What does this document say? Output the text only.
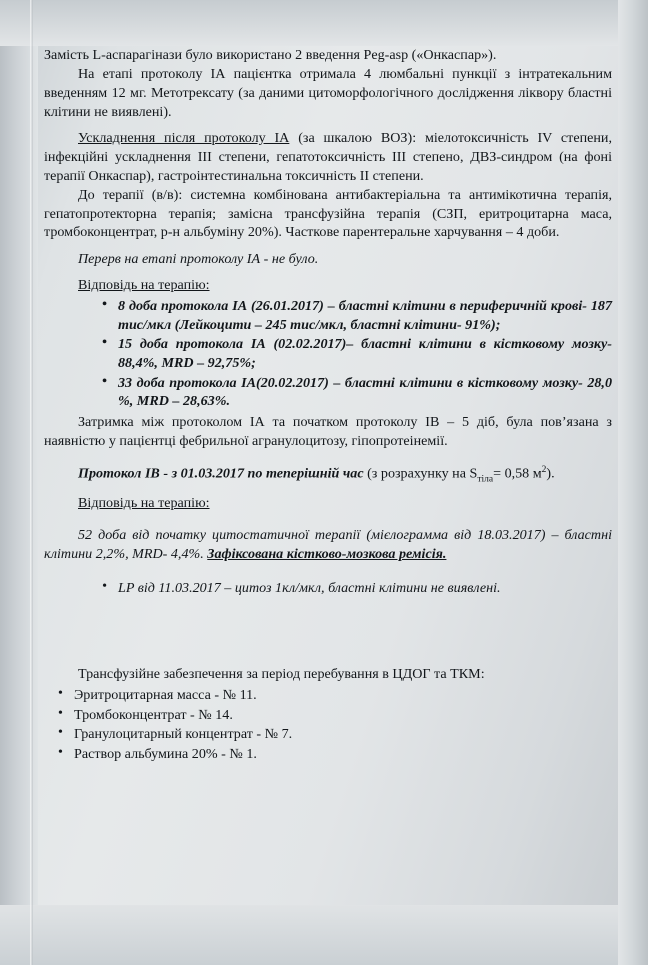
Замість L-аспарагінази було використано 2 введення Peg-asp («Онкаспар»).

На етапі протоколу ІА пацієнтка отримала 4 люмбальні пункції з інтратекальним введенням 12 мг. Метотрексату (за даними цитоморфологічного дослідження ліквору бластні клітини не виявлені).

Ускладнення після протоколу ІА (за шкалою ВОЗ): міелотоксичність IV степени, інфекційні ускладнення III степени, гепатотоксичність III степено, ДВЗ-синдром (на фоні терапії Онкаспар), гастроінтестинальна токсичність ІІ степени.

До терапії (в/в): системна комбінована антибактеріальна та антимікотична терапія, гепатопротекторна терапія; замісна трансфузійна терапія (СЗП, еритроцитарна маса, тромбоконцентрат, р-н альбуміну 20%). Часткове парентеральне харчування – 4 доби.

Перерв на етапі протоколу ІА - не було.

Відповідь на терапію:

• 8 доба протокола ІА (26.01.2017) – бластні клітини в периферичній крові- 187 тис/мкл (Лейкоцити – 245 тис/мкл, бластні клітини- 91%);
• 15 доба протокола ІА (02.02.2017)– бластні клітини в кістковому мозку- 88,4%, MRD – 92,75%;
• 33 доба протокола ІА(20.02.2017) – бластні клітини в кістковому мозку- 28,0 %, MRD – 28,63%.

Затримка між протоколом ІА та початком протоколу ІВ – 5 діб, була пов’язана з наявністю у пацієнтці фебрильної агранулоцитозу, гіпопротеінемії.

Протокол ІВ - з 01.03.2017 по теперішній час (з розрахунку на $S_{тіла}= 0,58$ $м^2$).

Відповідь на терапію:

52 доба від початку цитостатичної терапії (мієлограмма від 18.03.2017) – бластні клітини 2,2%, MRD- 4,4%. Зафіксована кістково-мозкова ремісія.

• LP від 11.03.2017 – цитоз 1кл/мкл, бластні клітини не виявлені.

Трансфузійне забезпечення за період перебування в ЦДОГ та ТКМ:

• Эритроцитарная масса - № 11.
• Тромбоконцентрат - № 14.
• Гранулоцитарный концентрат - № 7.
• Раствор альбумина 20% - № 1.
